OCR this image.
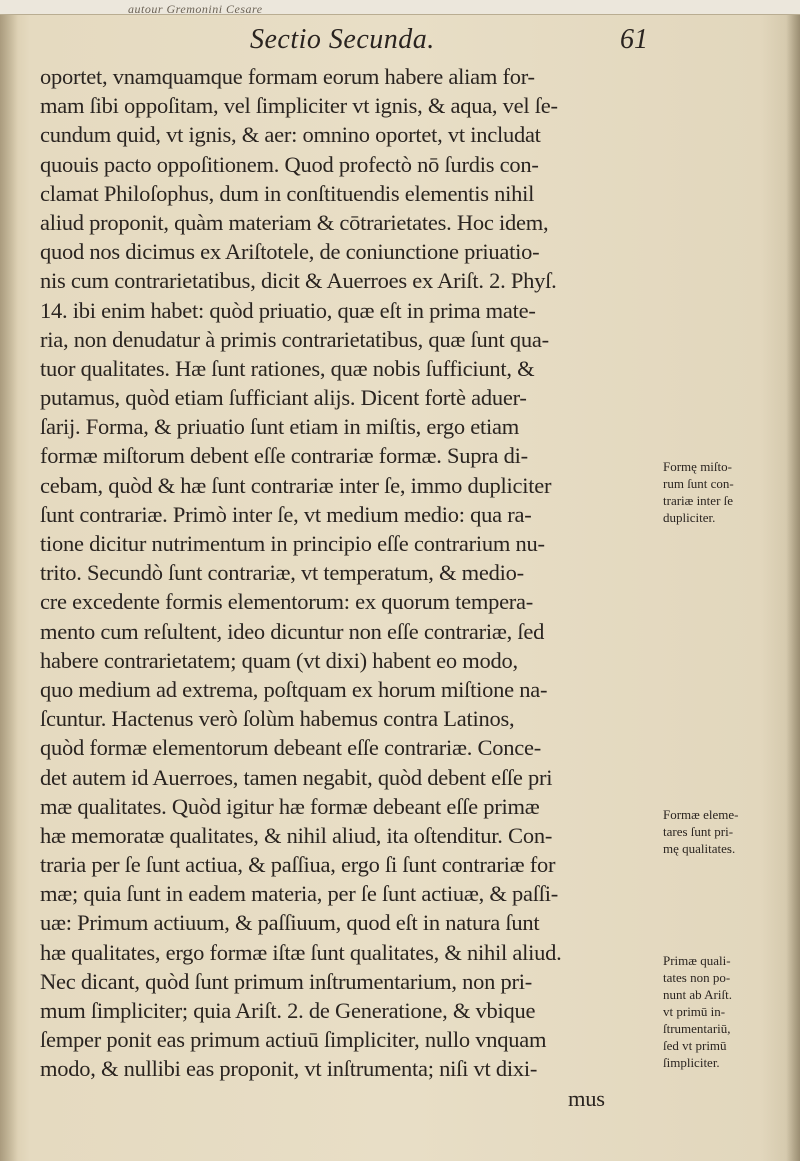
autour Gremonini Cesare
Sectio Secunda.	61
oportet, vnamquamque formam eorum habere aliam for-
mam ſibi oppoſitam, vel ſimpliciter vt ignis, & aqua, vel ſe-
cundum quid, vt ignis, & aer: omnino oportet, vt includat
quouis pacto oppoſitionem. Quod profectò nō ſurdis con-
clamat Philoſophus, dum in conſtituendis elementis nihil
aliud proponit, quàm materiam & cōtrarietates. Hoc idem,
quod nos dicimus ex Ariſtotele, de coniunctione priuatio-
nis cum contrarietatibus, dicit & Auerroes ex Ariſt. 2. Phyſ.
14. ibi enim habet: quòd priuatio, quæ eſt in prima mate-
ria, non denudatur à primis contrarietatibus, quæ ſunt qua-
tuor qualitates. Hæ ſunt rationes, quæ nobis ſufficiunt, &
putamus, quòd etiam ſufficiant alijs. Dicent fortè aduer-
ſarij. Forma, & priuatio ſunt etiam in miſtis, ergo etiam
formæ miſtorum debent eſſe contrariæ formæ. Supra di-
cebam, quòd & hæ ſunt contrariæ inter ſe, immo dupliciter
ſunt contrariæ. Primò inter ſe, vt medium medio: qua ra-
tione dicitur nutrimentum in principio eſſe contrarium nu-
trito. Secundò ſunt contrariæ, vt temperatum, & medio-
cre excedente formis elementorum: ex quorum tempera-
mento cum reſultent, ideo dicuntur non eſſe contrariæ, ſed
habere contrarietatem; quam (vt dixi) habent eo modo,
quo medium ad extrema, poſtquam ex horum miſtione na-
ſcuntur. Hactenus verò ſolùm habemus contra Latinos,
quòd formæ elementorum debeant eſſe contrariæ. Conce-
det autem id Auerroes, tamen negabit, quòd debent eſſe pri
mæ qualitates. Quòd igitur hæ formæ debeant eſſe primæ
hæ memoratæ qualitates, & nihil aliud, ita oſtenditur. Con-
traria per ſe ſunt actiua, & paſſiua, ergo ſi ſunt contrariæ for
mæ; quia ſunt in eadem materia, per ſe ſunt actiuæ, & paſſi-
uæ: Primum actiuum, & paſſiuum, quod eſt in natura ſunt
hæ qualitates, ergo formæ iſtæ ſunt qualitates, & nihil aliud.
Nec dicant, quòd ſunt primum inſtrumentarium, non pri-
mum ſimpliciter; quia Ariſt. 2. de Generatione, & vbique
ſemper ponit eas primum actiuū ſimpliciter, nullo vnquam
modo, & nullibi eas proponit, vt inſtrumenta; niſi vt dixi-
mus
Formę miſto-
rum ſunt con-
trariæ inter ſe
dupliciter.
Formæ eleme-
tares ſunt pri-
mę qualitates.
Primæ quali-
tates non po-
nunt ab Ariſt.
vt primū in-
ſtrumentariū,
ſed vt primū
ſimpliciter.
